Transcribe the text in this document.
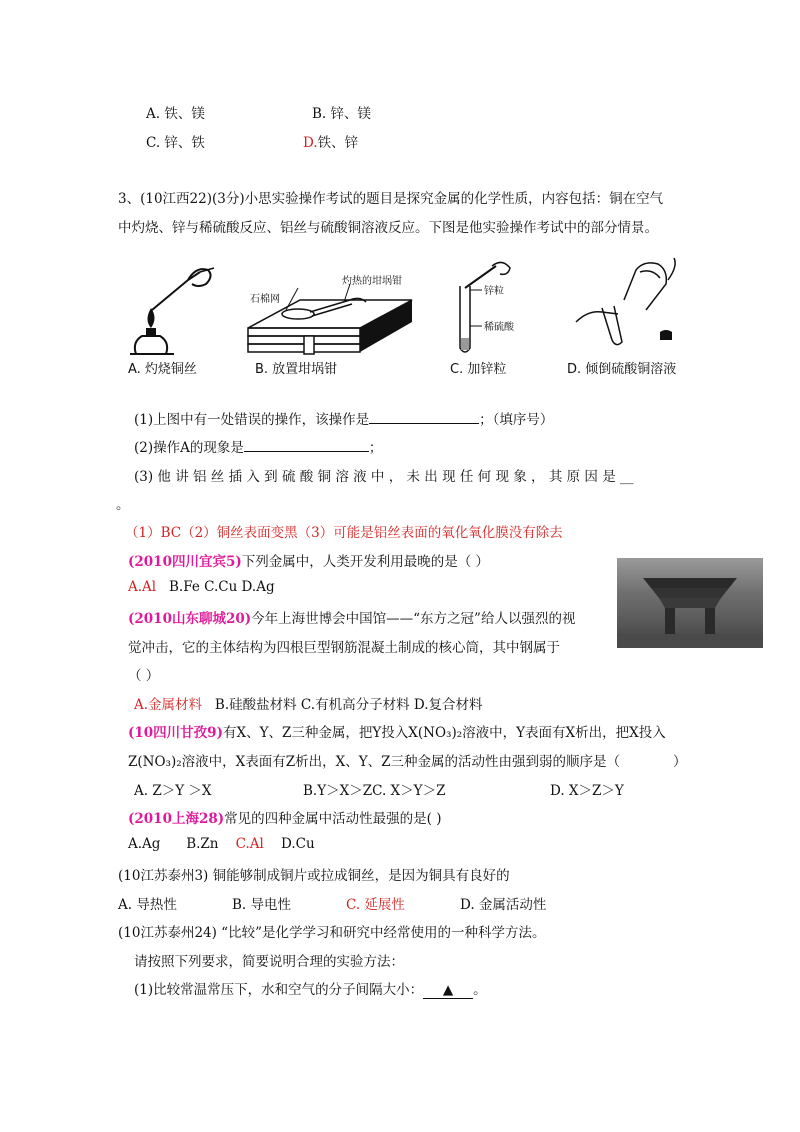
A. 铁、镁	B. 锌、镁
C. 锌、铁	D.铁、锌
3、(10江西22)(3分)小思实验操作考试的题目是探究金属的化学性质，内容包括：铜在空气
中灼烧、锌与稀硫酸反应、铝丝与硫酸铜溶液反应。下图是他实验操作考试中的部分情景。
A. 灼烧铜丝
石棉网
灼热的坩埚钳
B. 放置坩埚钳
锌粒
稀硫酸
C. 加锌粒	D. 倾倒硫酸铜溶液
(1)上图中有一处错误的操作，该操作是	；（填序号）
(2)操作A的现象是	；
(3) 他 讲 铝 丝 插 入 到 硫 酸 铜 溶 液 中 ， 未 出 现 任 何 现 象 ， 其 原 因 是 __
。
（1）BC（2）铜丝表面变黑（3）可能是铝丝表面的氧化氧化膜没有除去
(2010四川宜宾5)下列金属中，人类开发利用最晚的是（ ）
A.Al B.Fe C.Cu D.Ag
(2010山东聊城20)今年上海世博会中国馆——“东方之冠”给人以强烈的视
觉冲击，它的主体结构为四根巨型钢筋混凝土制成的核心筒，其中钢属于
（ ）
A.金属材料 B.硅酸盐材料 C.有机高分子材料 D.复合材料
(10四川甘孜9)有X、Y、Z三种金属，把Y投入X(NO₃)₂溶液中，Y表面有X析出，把X投入
Z(NO₃)₂溶液中，X表面有Z析出，X、Y、Z三种金属的活动性由强到弱的顺序是（	）
A. Z＞Y ＞X	B.Y＞X＞ZC. X＞Y＞Z	D. X＞Z＞Y
(2010上海28)常见的四种金属中活动性最强的是( )
A.Ag B.Zn C.Al D.Cu
(10江苏泰州3) 铜能够制成铜片或拉成铜丝，是因为铜具有良好的
A. 导热性	B. 导电性	C. 延展性	D. 金属活动性
(10江苏泰州24) “比较”是化学学习和研究中经常使用的一种科学方法。
请按照下列要求，简要说明合理的实验方法：
(1)比较常温常压下，水和空气的分子间隔大小： ▲ 。
